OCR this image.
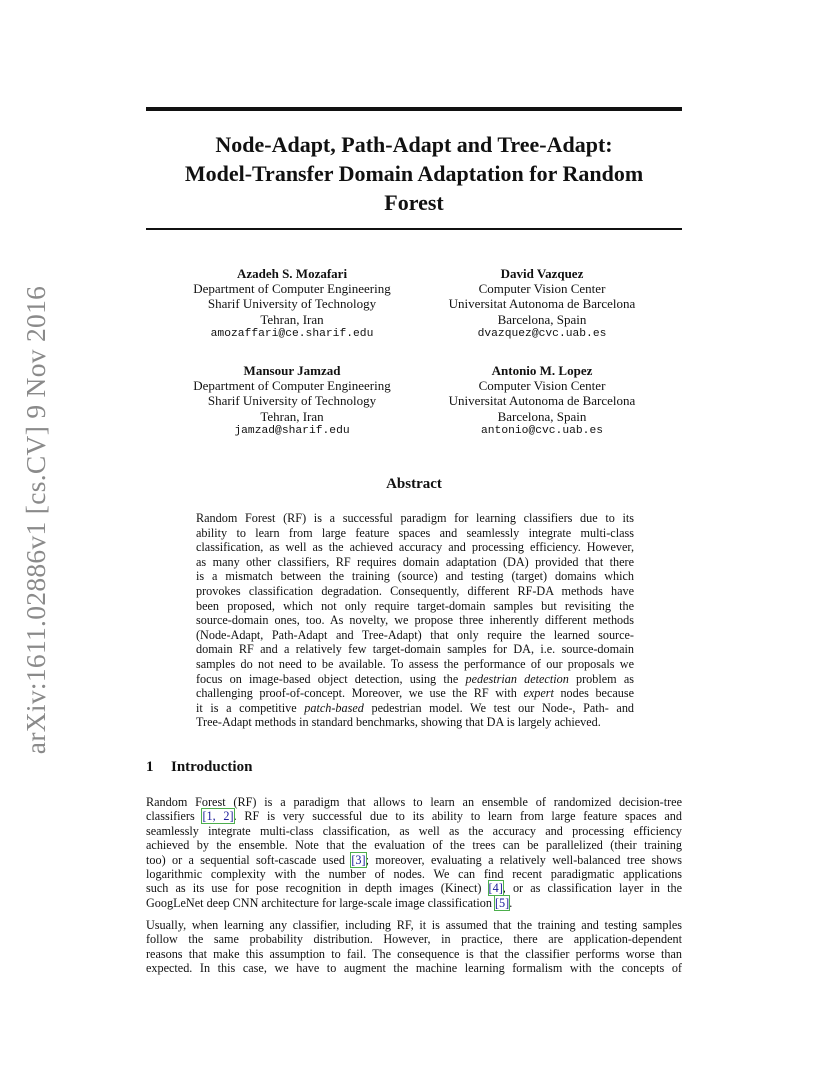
arXiv:1611.02886v1 [cs.CV] 9 Nov 2016
Node-Adapt, Path-Adapt and Tree-Adapt:
Model-Transfer Domain Adaptation for Random
Forest
Azadeh S. Mozafari
Department of Computer Engineering
Sharif University of Technology
Tehran, Iran
amozaffari@ce.sharif.edu
David Vazquez
Computer Vision Center
Universitat Autonoma de Barcelona
Barcelona, Spain
dvazquez@cvc.uab.es
Mansour Jamzad
Department of Computer Engineering
Sharif University of Technology
Tehran, Iran
jamzad@sharif.edu
Antonio M. Lopez
Computer Vision Center
Universitat Autonoma de Barcelona
Barcelona, Spain
antonio@cvc.uab.es
Abstract
Random Forest (RF) is a successful paradigm for learning classifiers due to its
ability to learn from large feature spaces and seamlessly integrate multi-class
classification, as well as the achieved accuracy and processing efficiency. However,
as many other classifiers, RF requires domain adaptation (DA) provided that there
is a mismatch between the training (source) and testing (target) domains which
provokes classification degradation. Consequently, different RF-DA methods have
been proposed, which not only require target-domain samples but revisiting the
source-domain ones, too. As novelty, we propose three inherently different methods
(Node-Adapt, Path-Adapt and Tree-Adapt) that only require the learned source-
domain RF and a relatively few target-domain samples for DA, i.e. source-domain
samples do not need to be available. To assess the performance of our proposals we
focus on image-based object detection, using the pedestrian detection problem as
challenging proof-of-concept. Moreover, we use the RF with expert nodes because
it is a competitive patch-based pedestrian model. We test our Node-, Path- and
Tree-Adapt methods in standard benchmarks, showing that DA is largely achieved.
1 Introduction
Random Forest (RF) is a paradigm that allows to learn an ensemble of randomized decision-tree
classifiers [1, 2]. RF is very successful due to its ability to learn from large feature spaces and
seamlessly integrate multi-class classification, as well as the accuracy and processing efficiency
achieved by the ensemble. Note that the evaluation of the trees can be parallelized (their training
too) or a sequential soft-cascade used [3]; moreover, evaluating a relatively well-balanced tree shows
logarithmic complexity with the number of nodes. We can find recent paradigmatic applications
such as its use for pose recognition in depth images (Kinect) [4], or as classification layer in the
GoogLeNet deep CNN architecture for large-scale image classification [5].
Usually, when learning any classifier, including RF, it is assumed that the training and testing samples
follow the same probability distribution. However, in practice, there are application-dependent
reasons that make this assumption to fail. The consequence is that the classifier performs worse than
expected. In this case, we have to augment the machine learning formalism with the concepts of
